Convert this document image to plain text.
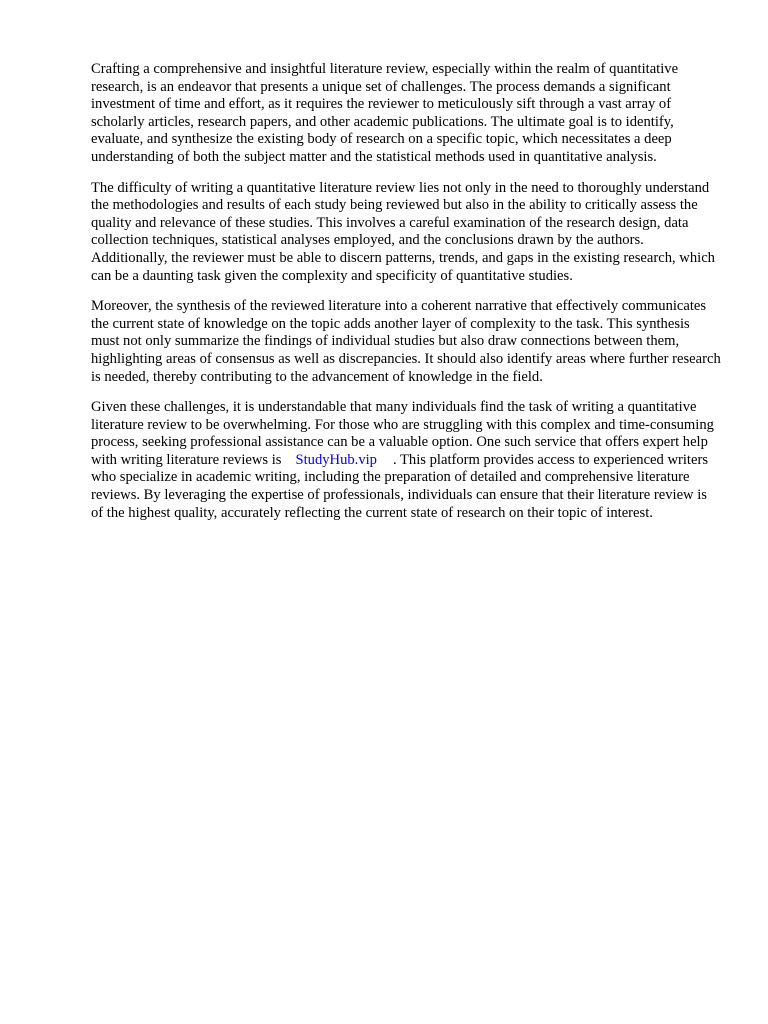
Crafting a comprehensive and insightful literature review, especially within the realm of quantitative research, is an endeavor that presents a unique set of challenges. The process demands a significant investment of time and effort, as it requires the reviewer to meticulously sift through a vast array of scholarly articles, research papers, and other academic publications. The ultimate goal is to identify, evaluate, and synthesize the existing body of research on a specific topic, which necessitates a deep understanding of both the subject matter and the statistical methods used in quantitative analysis.

The difficulty of writing a quantitative literature review lies not only in the need to thoroughly understand the methodologies and results of each study being reviewed but also in the ability to critically assess the quality and relevance of these studies. This involves a careful examination of the research design, data collection techniques, statistical analyses employed, and the conclusions drawn by the authors. Additionally, the reviewer must be able to discern patterns, trends, and gaps in the existing research, which can be a daunting task given the complexity and specificity of quantitative studies.

Moreover, the synthesis of the reviewed literature into a coherent narrative that effectively communicates the current state of knowledge on the topic adds another layer of complexity to the task. This synthesis must not only summarize the findings of individual studies but also draw connections between them, highlighting areas of consensus as well as discrepancies. It should also identify areas where further research is needed, thereby contributing to the advancement of knowledge in the field.

Given these challenges, it is understandable that many individuals find the task of writing a quantitative literature review to be overwhelming. For those who are struggling with this complex and time-consuming process, seeking professional assistance can be a valuable option. One such service that offers expert help with writing literature reviews is StudyHub.vip . This platform provides access to experienced writers who specialize in academic writing, including the preparation of detailed and comprehensive literature reviews. By leveraging the expertise of professionals, individuals can ensure that their literature review is of the highest quality, accurately reflecting the current state of research on their topic of interest.
